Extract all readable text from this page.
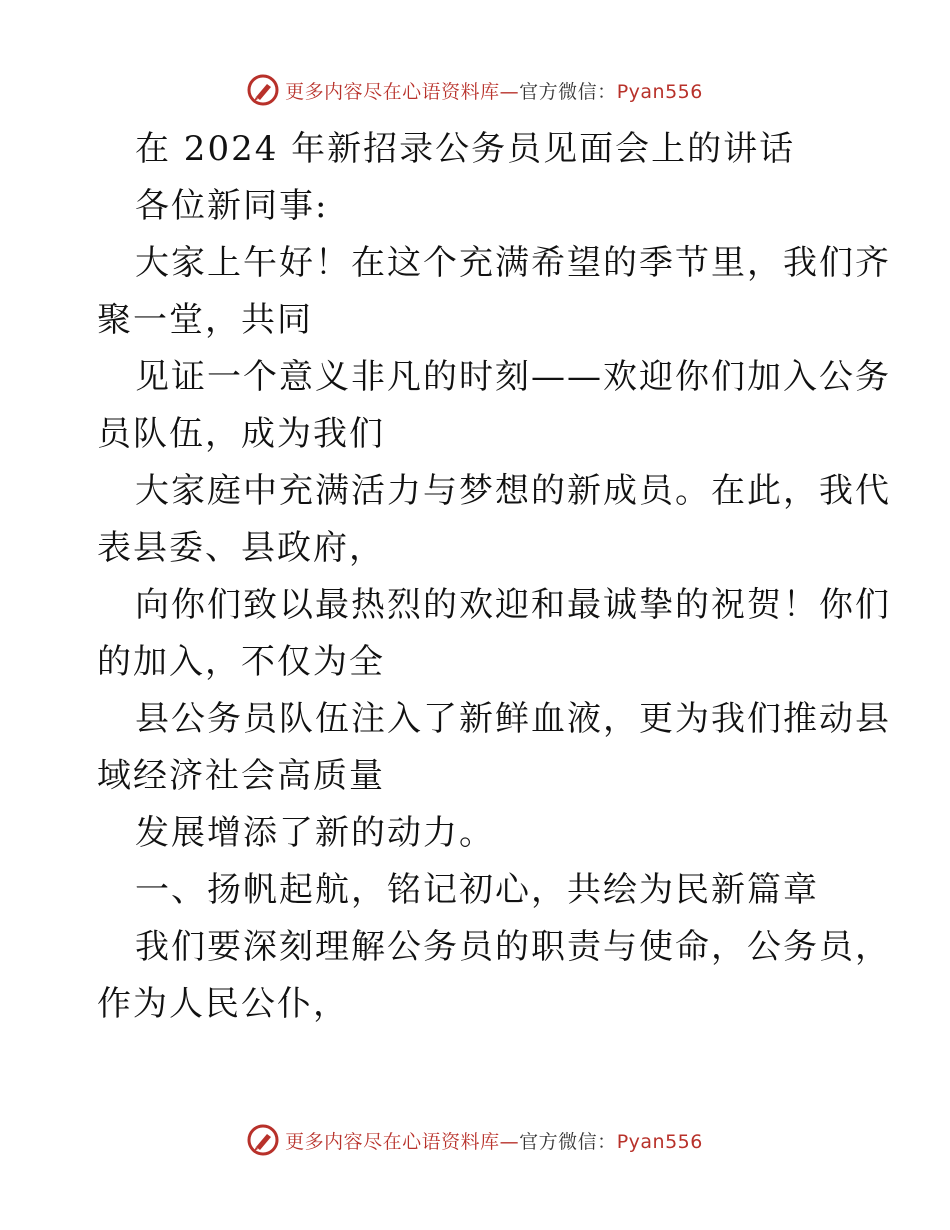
更多内容尽在心语资料库—官方微信：Pyan556
在 2024 年新招录公务员见面会上的讲话
各位新同事:
大家上午好！在这个充满希望的季节里，我们齐
聚一堂，共同
见证一个意义非凡的时刻——欢迎你们加入公务
员队伍，成为我们
大家庭中充满活力与梦想的新成员。在此，我代
表县委、县政府，
向你们致以最热烈的欢迎和最诚挚的祝贺！你们
的加入，不仅为全
县公务员队伍注入了新鲜血液，更为我们推动县
域经济社会高质量
发展增添了新的动力。
一、扬帆起航，铭记初心，共绘为民新篇章
我们要深刻理解公务员的职责与使命，公务员，
作为人民公仆，
更多内容尽在心语资料库—官方微信：Pyan556
